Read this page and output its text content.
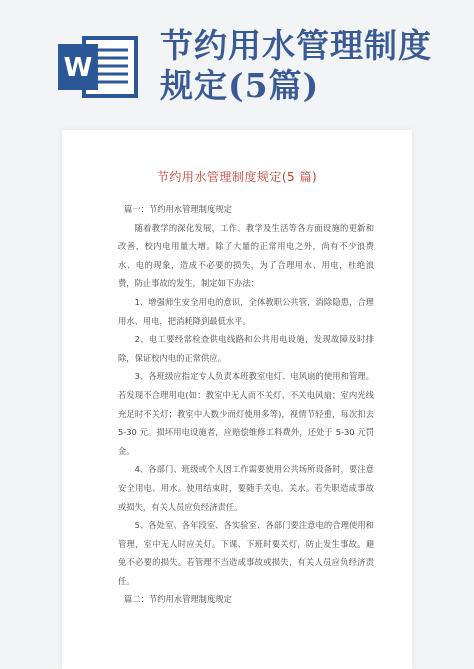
W
节约用水管理制度规定(5篇)
节约用水管理制度规定(5 篇)

篇一：节约用水管理制度规定

随着教学的深化发展，工作、教学及生活等各方面设施的更新和改善，校内电用量大增。除了大量的正常用电之外，尚有不少浪费水、电的现象，造成不必要的损失，为了合理用水、用电，杜绝浪费，防止事故的发生，制定如下办法：

1、增强师生安全用电的意识，全体教职公共管，消除隐患，合理用水、用电，把消耗降到最低水平。

2、电工要经常检查供电线路和公共用电设施，发现故障及时排除，保证校内电的正常供应。

3、各班级应指定专人负责本班教室电灯、电风扇的使用和管理。若发现不合理用电(如：教室中无人而不关灯、不关电风扇；室内光线充足时不关灯；教室中人数少而灯使用多等)，视情节轻重，每次扣去 5-30 元。损坏用电设施者，应赔偿维修工料费外，还处于 5-30 元罚金。

4、各部门、班级或个人因工作需要使用公共场所设备时，要注意安全用电、用水。使用结束时，要随手关电、关水。若失职造成事故或损失，有关人员应负经济责任。

5、各处室、各年段室、各实验室、各部门要注意电的合理使用和管理，室中无人时应关灯。下课、下班时要关灯，防止发生事故。避免不必要的损失。若管理不当造成事故或损失，有关人员应负经济责任。

篇二：节约用水管理制度规定
